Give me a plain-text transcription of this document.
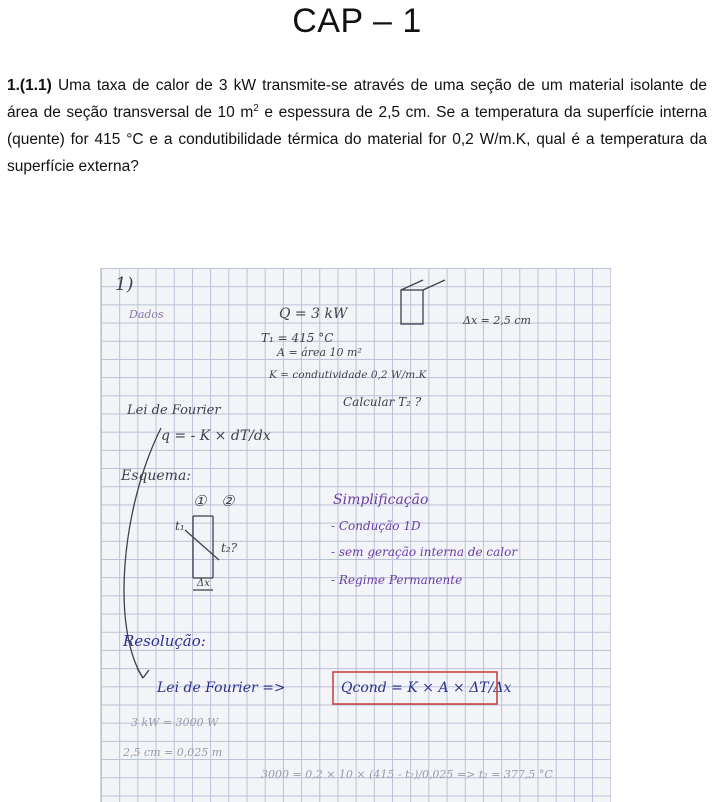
CAP – 1
1.(1.1) Uma taxa de calor de 3 kW transmite-se através de uma seção de um material isolante de área de seção transversal de 10 $m^2$ e espessura de 2,5 cm. Se a temperatura da superfície interna (quente) for 415 °C e a condutibilidade térmica do material for 0,2 W/m.K, qual é a temperatura da superfície externa?
1)
Dados	Q = 3 kW	Δx = 2,5 cm
T₁ = 415 °C
A = área 10 m²
K = condutividade 0,2 W/m.K
Calcular T₂ ?
Lei de Fourier
q = - K × dT/dx
Esquema:
① ②
t₁
t₂?
Δx
Simplificação
- Condução 1D
- sem geração interna de calor
- Regime Permanente
Resolução:
Lei de Fourier =>	Qcond = K × A × ΔT/Δx
3 kW = 3000 W
2,5 cm = 0,025 m
3000 = 0,2 × 10 × (415 - t₂)/0,025 => t₂ = 377,5 °C
